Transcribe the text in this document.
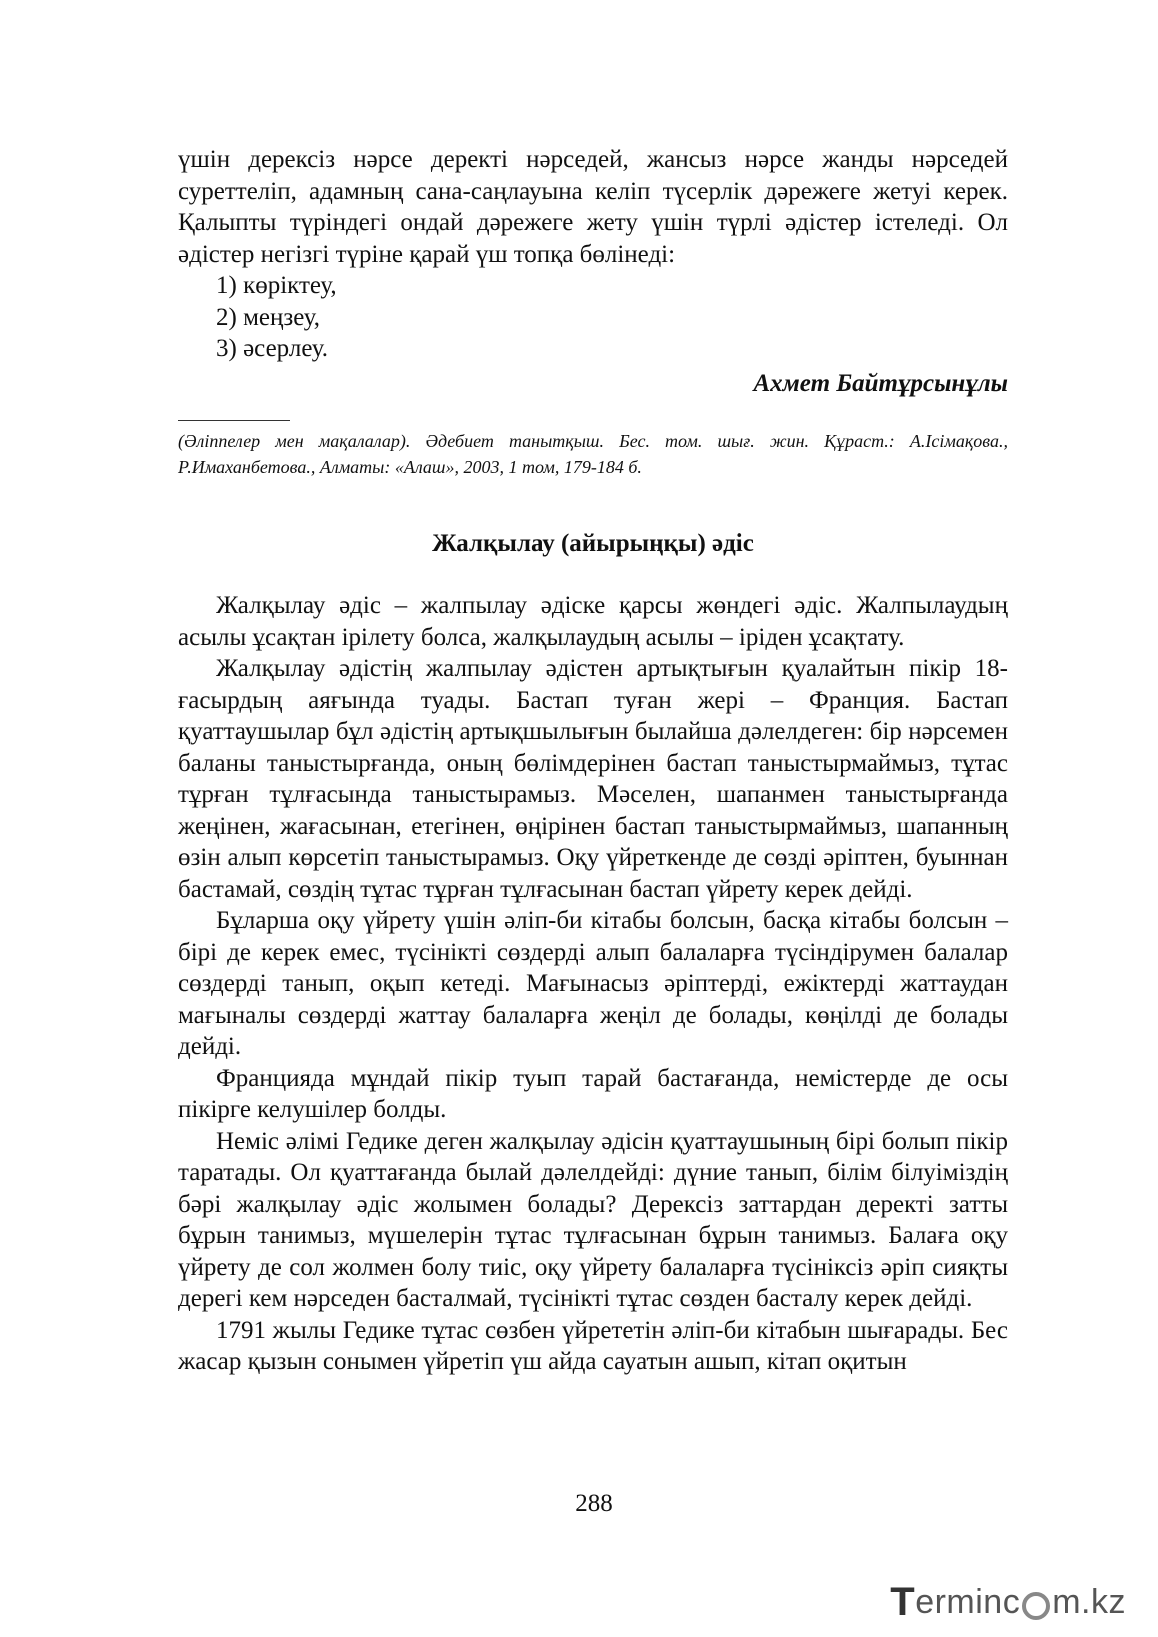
үшін дерексіз нәрсе деректі нәрседей, жансыз нәрсе жанды нәрседей суреттеліп, адамның сана-саңлауына келіп түсерлік дәрежеге жетуі керек. Қалыпты түріндегі ондай дәрежеге жету үшін түрлі әдістер істеледі. Ол әдістер негізгі түріне қарай үш топқа бөлінеді:

1) көріктеу,

2) меңзеу,

3) әсерлеу.

Ахмет Байтұрсынұлы
(Әліппелер мен мақалалар). Әдебиет танытқыш. Бес. том. шығ. жин. Құраст.: А.Ісімақова., Р.Имаханбетова., Алматы: «Алаш», 2003, 1 том, 179-184 б.
Жалқылау (айырыңқы) әдіс

Жалқылау әдіс – жалпылау әдіске қарсы жөндегі әдіс. Жалпылаудың асылы ұсақтан ірілету болса, жалқылаудың асылы – іріден ұсақтату.

Жалқылау әдістің жалпылау әдістен артықтығын қуалайтын пікір 18-ғасырдың аяғында туады. Бастап туған жері – Франция. Бастап қуаттаушылар бұл әдістің артықшылығын былайша дәлелдеген: бір нәрсемен баланы таныстырғанда, оның бөлімдерінен бастап таныстырмаймыз, тұтас тұрған тұлғасында таныстырамыз. Мәселен, шапанмен таныстырғанда жеңінен, жағасынан, етегінен, өңірінен бастап таныстырмаймыз, шапанның өзін алып көрсетіп таныстырамыз. Оқу үйреткенде де сөзді әріптен, буыннан бастамай, сөздің тұтас тұрған тұлғасынан бастап үйрету керек дейді.

Бұларша оқу үйрету үшін әліп-би кітабы болсын, басқа кітабы болсын – бірі де керек емес, түсінікті сөздерді алып балаларға түсіндірумен балалар сөздерді танып, оқып кетеді. Мағынасыз әріптерді, ежіктерді жаттаудан мағыналы сөздерді жаттау балаларға жеңіл де болады, көңілді де болады дейді.

Францияда мұндай пікір туып тарай бастағанда, немістерде де осы пікірге келушілер болды.

Неміс әлімі Гедике деген жалқылау әдісін қуаттаушының бірі болып пікір таратады. Ол қуаттағанда былай дәлелдейді: дүние танып, білім білуіміздің бәрі жалқылау әдіс жолымен болады? Дерексіз заттардан деректі затты бұрын танимыз, мүшелерін тұтас тұлғасынан бұрын танимыз. Балаға оқу үйрету де сол жолмен болу тиіс, оқу үйрету балаларға түсініксіз әріп сияқты дерегі кем нәрседен басталмай, түсінікті тұтас сөзден басталу керек дейді.

1791 жылы Гедике тұтас сөзбен үйрететін әліп-би кітабын шығарады. Бес жасар қызын сонымен үйретіп үш айда сауатын ашып, кітап оқитын

288
T ermin c m.kz
